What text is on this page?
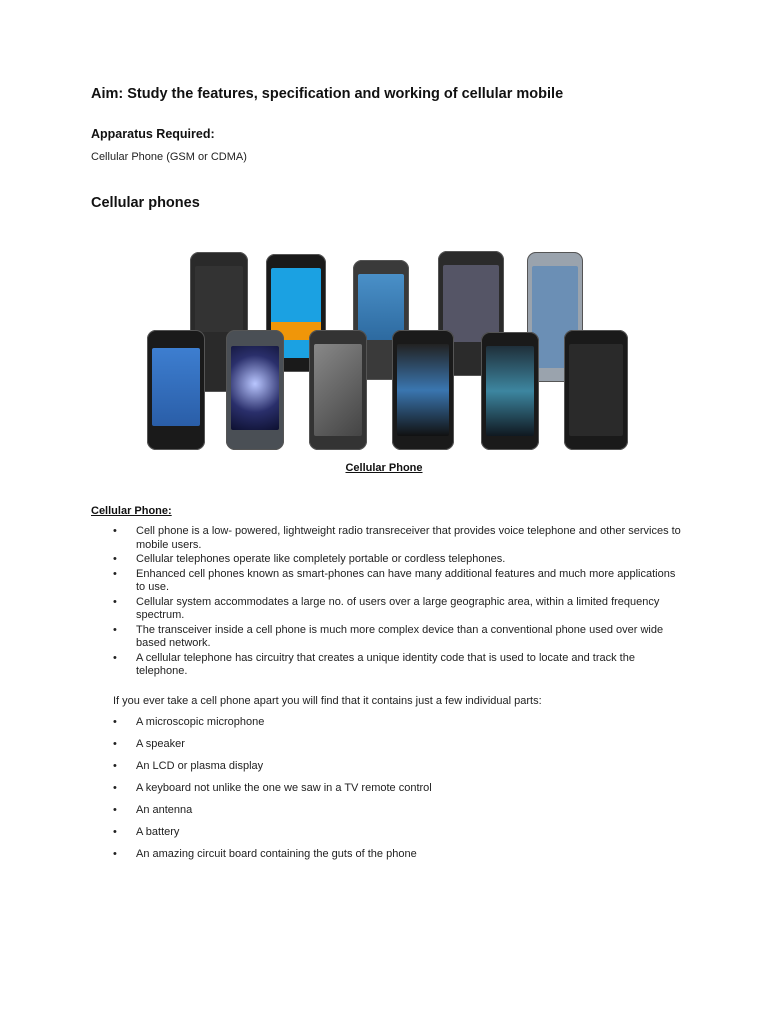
Aim: Study the features, specification and working of cellular mobile
Apparatus Required:
Cellular Phone (GSM or CDMA)
Cellular phones
Cellular Phone
Cellular Phone:
• Cell phone is a low- powered, lightweight radio transreceiver that provides voice telephone and other services to mobile users.
• Cellular telephones operate like completely portable or cordless telephones.
• Enhanced cell phones known as smart-phones can have many additional features and much more applications to use.
• Cellular system accommodates a large no. of users over a large geographic area, within a limited frequency spectrum.
• The transceiver inside a cell phone is much more complex device than a conventional phone used over wide based network.
• A cellular telephone has circuitry that creates a unique identity code that is used to locate and track the telephone.
If you ever take a cell phone apart you will find that it contains just a few individual parts:
• A microscopic microphone
• A speaker
• An LCD or plasma display
• A keyboard not unlike the one we saw in a TV remote control
• An antenna
• A battery
• An amazing circuit board containing the guts of the phone
